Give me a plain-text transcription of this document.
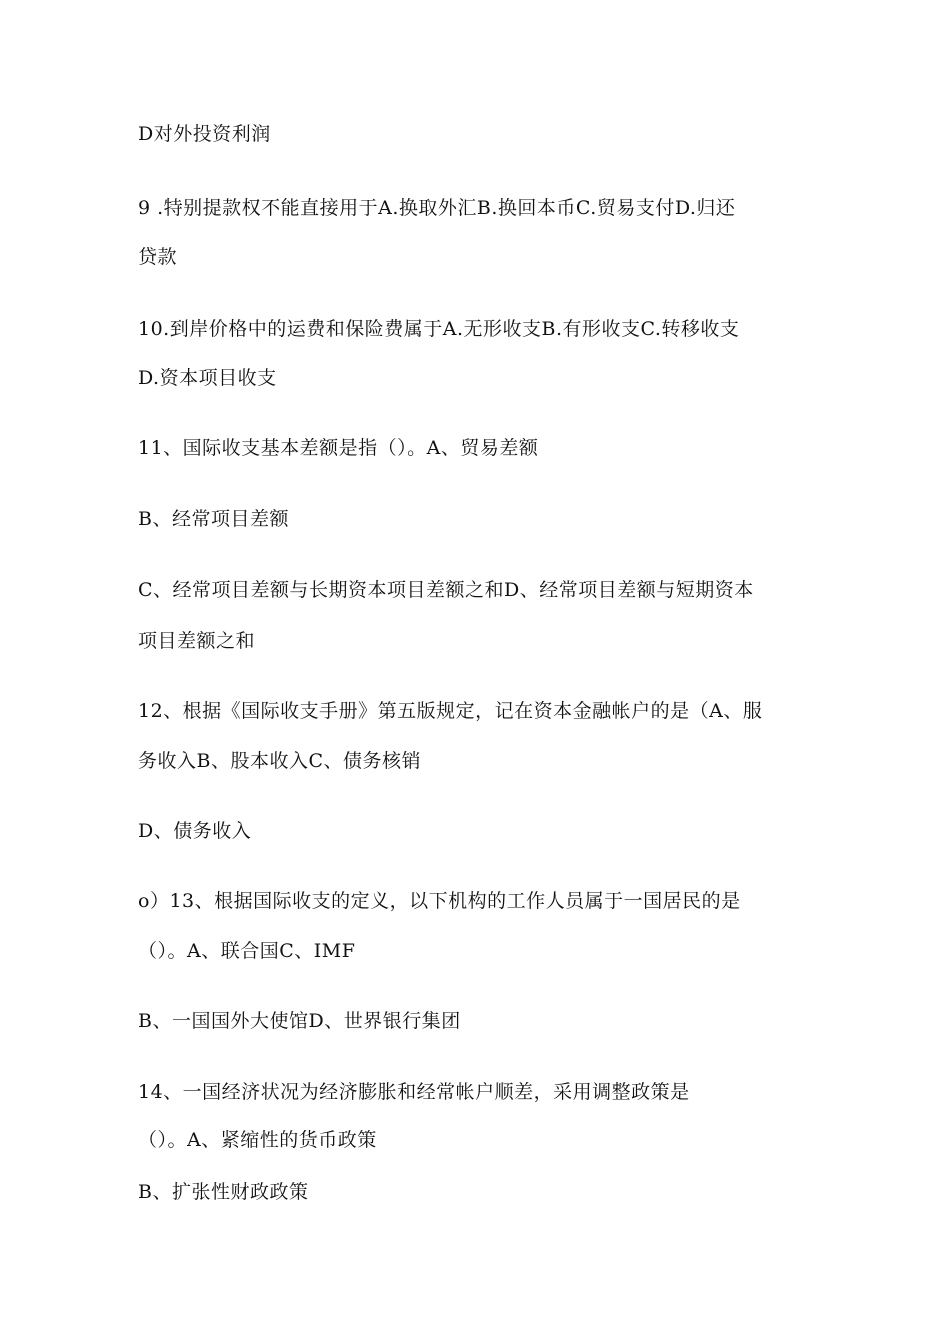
D对外投资利润
9 .特别提款权不能直接用于A.换取外汇B.换回本币C.贸易支付D.归还
贷款
10.到岸价格中的运费和保险费属于A.无形收支B.有形收支C.转移收支
D.资本项目收支
11、国际收支基本差额是指（）。A、贸易差额
B、经常项目差额
C、经常项目差额与长期资本项目差额之和D、经常项目差额与短期资本
项目差额之和
12、根据《国际收支手册》第五版规定，记在资本金融帐户的是（A、服
务收入B、股本收入C、债务核销
D、债务收入
o）13、根据国际收支的定义，以下机构的工作人员属于一国居民的是
（）。A、联合国C、IMF
B、一国国外大使馆D、世界银行集团
14、一国经济状况为经济膨胀和经常帐户顺差，采用调整政策是
（）。A、紧缩性的货币政策
B、扩张性财政政策
